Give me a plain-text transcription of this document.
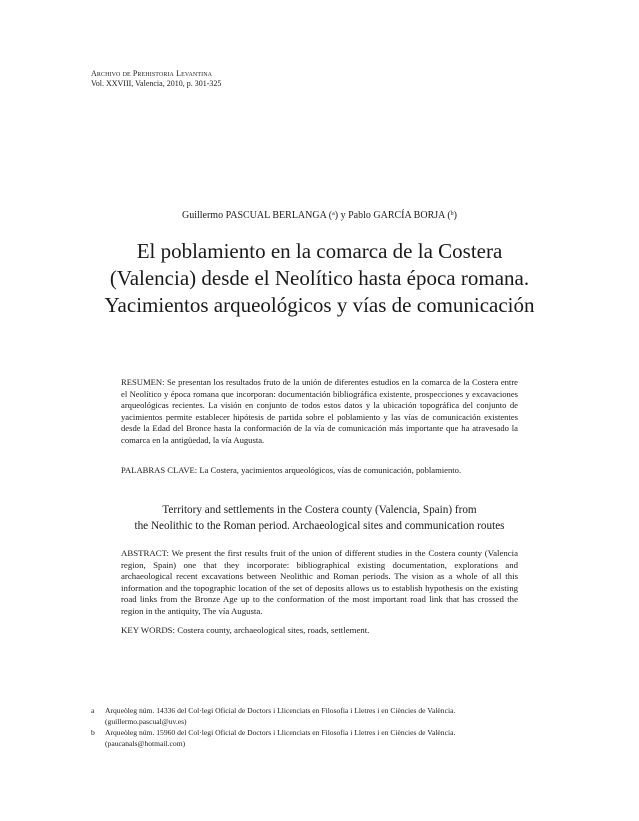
Archivo de Prehistoria Levantina
Vol. XXVIII, Valencia, 2010, p. 301-325
Guillermo PASCUAL BERLANGA ($^a$) y Pablo GARCÍA BORJA ($^b$)
El poblamiento en la comarca de la Costera
(Valencia) desde el Neolítico hasta época romana.
Yacimientos arqueológicos y vías de comunicación
RESUMEN: Se presentan los resultados fruto de la unión de diferentes estudios en la comarca de la Costera entre el Neolítico y época romana que incorporan: documentación bibliográfica existente, prospecciones y excavaciones arqueológicas recientes. La visión en conjunto de todos estos datos y la ubicación topográfica del conjunto de yacimientos permite establecer hipótesis de partida sobre el poblamiento y las vías de comunicación existentes desde la Edad del Bronce hasta la conformación de la vía de comunicación más importante que ha atravesado la comarca en la antigüedad, la vía Augusta.
PALABRAS CLAVE: La Costera, yacimientos arqueológicos, vías de comunicación, poblamiento.
Territory and settlements in the Costera county (Valencia, Spain) from
the Neolithic to the Roman period. Archaeological sites and communication routes
ABSTRACT: We present the first results fruit of the union of different studies in the Costera county (Valencia region, Spain) one that they incorporate: bibliographical existing documentation, explorations and archaeological recent excavations between Neolithic and Roman periods. The vision as a whole of all this information and the topographic location of the set of deposits allows us to establish hypothesis on the existing road links from the Bronze Age up to the conformation of the most important road link that has crossed the region in the antiquity, The vía Augusta.
KEY WORDS: Costera county, archaeological sites, roads, settlement.
a Arqueòleg núm. 14336 del Col·legi Oficial de Doctors i Llicenciats en Filosofia i Lletres i en Ciències de València.
(guillermo.pascual@uv.es)
b Arqueòleg núm. 15960 del Col·legi Oficial de Doctors i Llicenciats en Filosofia i Lletres i en Ciències de València.
(paucanals@hotmail.com)
